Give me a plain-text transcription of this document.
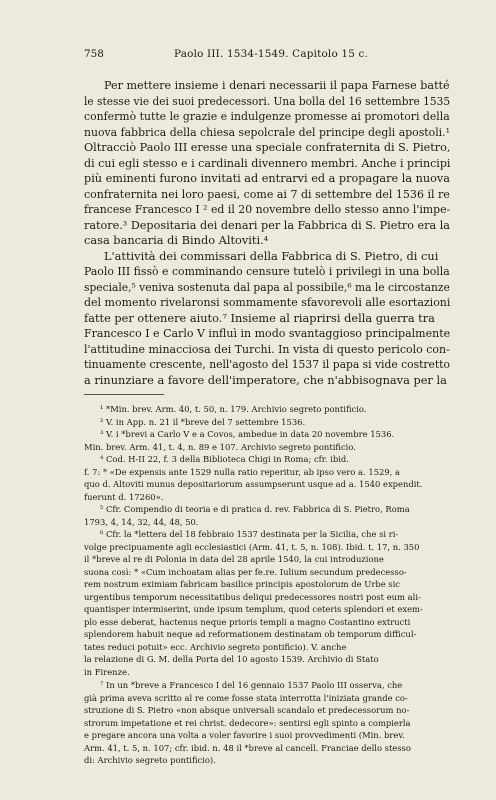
758	Paolo III. 1534-1549. Capitolo 15 c.
Per mettere insieme i denari necessarii il papa Farnese batté
le stesse vie dei suoi predecessori. Una bolla del 16 settembre 1535
confermò tutte le grazie e indulgenze promesse ai promotori della
nuova fabbrica della chiesa sepolcrale del principe degli apostoli.¹
Oltracciò Paolo III eresse una speciale confraternita di S. Pietro,
di cui egli stesso e i cardinali divennero membri. Anche i principi
più eminenti furono invitati ad entrarvi ed a propagare la nuova
confraternita nei loro paesi, come ai 7 di settembre del 1536 il re
francese Francesco I ² ed il 20 novembre dello stesso anno l'impe-
ratore.³ Depositaria dei denari per la Fabbrica di S. Pietro era la
casa bancaria di Bindo Altoviti.⁴
L'attività dei commissari della Fabbrica di S. Pietro, di cui
Paolo III fissò e comminando censure tutelò i privilegi in una bolla
speciale,⁵ veniva sostenuta dal papa al possibile,⁶ ma le circostanze
del momento rivelaronsi sommamente sfavorevoli alle esortazioni
fatte per ottenere aiuto.⁷ Insieme al riaprirsi della guerra tra
Francesco I e Carlo V influì in modo svantaggioso principalmente
l'attitudine minacciosa dei Turchi. In vista di questo pericolo con-
tinuamente crescente, nell'agosto del 1537 il papa si vide costretto
a rinunziare a favore dell'imperatore, che n'abbisognava per la
¹ *Min. brev. Arm. 40, t. 50, n. 179. Archivio segreto pontificio.
² V. in App. n. 21 il *breve del 7 settembre 1536.
³ V. i *brevi a Carlo V e a Covos, ambedue in data 20 novembre 1536.
Min. brev. Arm. 41, t. 4, n. 89 e 107. Archivio segreto pontificio.
⁴ Cod. H-II 22, f. 3 della Biblioteca Chigi in Roma; cfr. ibid.
f. 7: * «De expensis ante 1529 nulla ratio reperitur, ab ipso vero a. 1529, a
quo d. Altoviti munus depositariorum assumpserunt usque ad a. 1540 expendit.
fuerunt d. 17260».
⁵ Cfr. Compendio di teoria e di pratica d. rev. Fabbrica di S. Pietro, Roma
1793, 4, 14, 32, 44, 48, 50.
⁶ Cfr. la *lettera del 18 febbraio 1537 destinata per la Sicilia, che si ri-
volge precipuamente agli ecclesiastici (Arm. 41, t. 5, n. 108). Ibid. t. 17, n. 350
il *breve al re di Polonia in data del 28 aprile 1540, la cui introduzione
suona così: * «Cum inchoatam alias per fe.re. Iulium secundum predecesso-
rem nostrum eximiam fabricam basilice principis apostolorum de Urbe sic
urgentibus temporum necessitatibus deliqui predecessores nostri post eum ali-
quantisper intermiserint, unde ipsum templum, quod ceteris splendori et exem-
plo esse deberat, hactenus neque prioris templi a magno Costantino extructi
splendorem habuit neque ad reformationem destinatam ob temporum difficul-
tates reduci potuit» ecc. Archivio segreto pontificio). V. anche
la relazione di G. M. della Porta del 10 agosto 1539. Archivio di Stato
in Firenze.
⁷ In un *breve a Francesco I del 16 gennaio 1537 Paolo III osserva, che
già prima aveva scritto al re come fosse stata interrotta l'iniziata grande co-
struzione di S. Pietro «non absque universali scandalo et predecessorum no-
strorum impetatione et rei christ. dedecore»: sentirsi egli spinto a compierla
e pregare ancora una volta a voler favorire i suoi provvedimenti (Min. brev.
Arm. 41, t. 5, n. 107; cfr. ibid. n. 48 il *breve al cancell. Franciae dello stesso
di: Archivio segreto pontificio).
